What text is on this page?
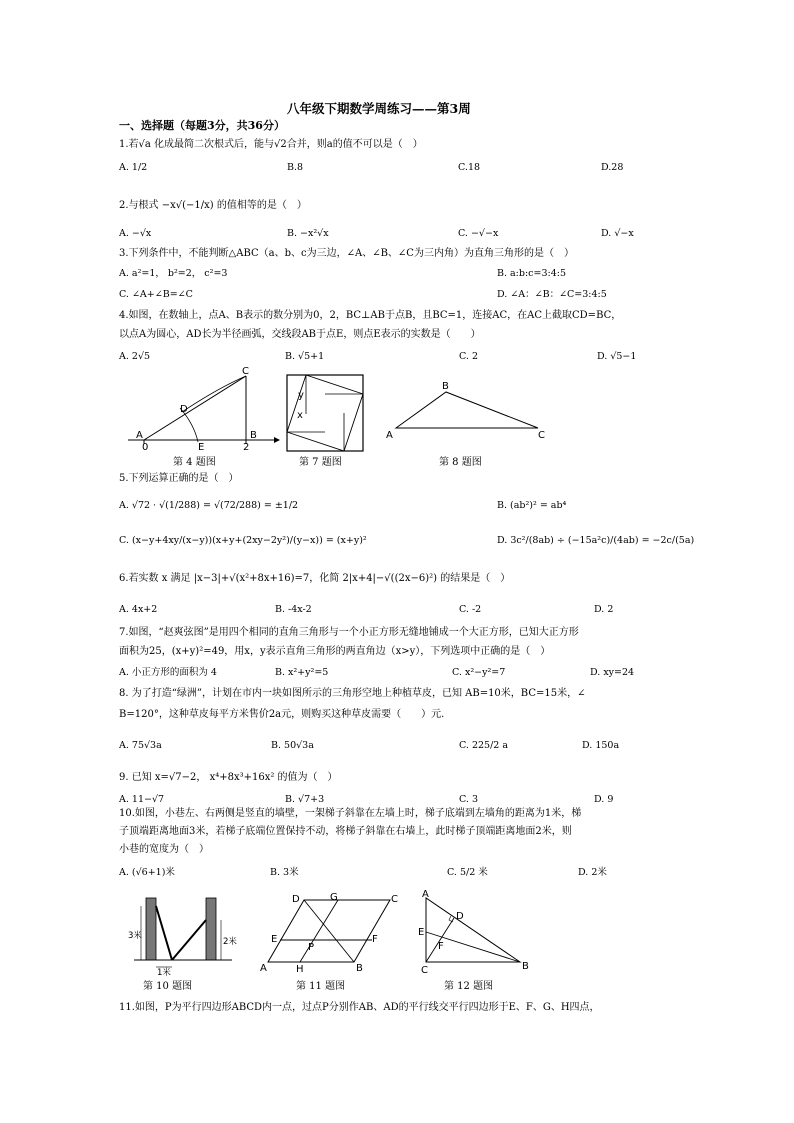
八年级下期数学周练习——第3周
一、选择题（每题3分，共36分）
1.若√a 化成最简二次根式后，能与√2合并，则a的值不可以是（　）
A. 1/2	B.8	C.18	D.28
2.与根式 −x√(−1/x) 的值相等的是（　）
A. −√x	B. −x²√x	C. −√−x	D. √−x
3.下列条件中，不能判断△ABC（a、b、c为三边，∠A、∠B、∠C为三内角）为直角三角形的是（　）
A. a²=1， b²=2， c²=3	B. a:b:c=3:4:5
C. ∠A+∠B=∠C	D. ∠A：∠B：∠C=3:4:5
4.如图，在数轴上，点A、B表示的数分别为0，2，BC⊥AB于点B，且BC=1，连接AC，在AC上截取CD=BC，
以点A为圆心，AD长为半径画弧，交线段AB于点E，则点E表示的实数是（　　）
A. 2√5	B. √5+1	C. 2	D. √5−1
A	B
C
D
E
0	2
y
x
A
B
C
第 4 题图	第 7 题图	第 8 题图
5.下列运算正确的是（　）
A. √72 · √(1/288) = √(72/288) = ±1/2	B. (ab²)² = ab⁴
C. (x−y+4xy/(x−y))(x+y+(2xy−2y²)/(y−x)) = (x+y)²	D. 3c²/(8ab) ÷ (−15a²c)/(4ab) = −2c/(5a)
6.若实数 x 满足 |x−3|+√(x²+8x+16)=7，化简 2|x+4|−√((2x−6)²) 的结果是（　）
A. 4x+2	B. -4x-2	C. -2	D. 2
7.如图，“赵爽弦图”是用四个相同的直角三角形与一个小正方形无缝地铺成一个大正方形，已知大正方形
面积为25，(x+y)²=49，用x，y表示直角三角形的两直角边（x>y），下列选项中正确的是（　）
A. 小正方形的面积为 4	B. x²+y²=5	C. x²−y²=7	D. xy=24
8. 为了打造“绿洲”，计划在市内一块如图所示的三角形空地上种植草皮，已知 AB=10米，BC=15米，∠
B=120°，这种草皮每平方米售价2a元，则购买这种草皮需要（　　）元.
A. 75√3a	B. 50√3a	C. 225/2 a	D. 150a
9. 已知 x=√7−2， x⁴+8x³+16x² 的值为（　）
A. 11−√7	B. √7+3	C. 3	D. 9
10.如图，小巷左、右两侧是竖直的墙壁，一架梯子斜靠在左墙上时，梯子底端到左墙角的距离为1米，梯
子顶端距离地面3米，若梯子底端位置保持不动，将梯子斜靠在右墙上，此时梯子顶端距离地面2米，则
小巷的宽度为（　）
A. (√6+1)米	B. 3米	C. 5/2 米	D. 2米
3米
2米
1米	A	B
C
D
E	F
G
H
P
A
B
C
D
E
F
第 10 题图	第 11 题图	第 12 题图
11.如图，P为平行四边形ABCD内一点，过点P分别作AB、AD的平行线交平行四边形于E、F、G、H四点，
